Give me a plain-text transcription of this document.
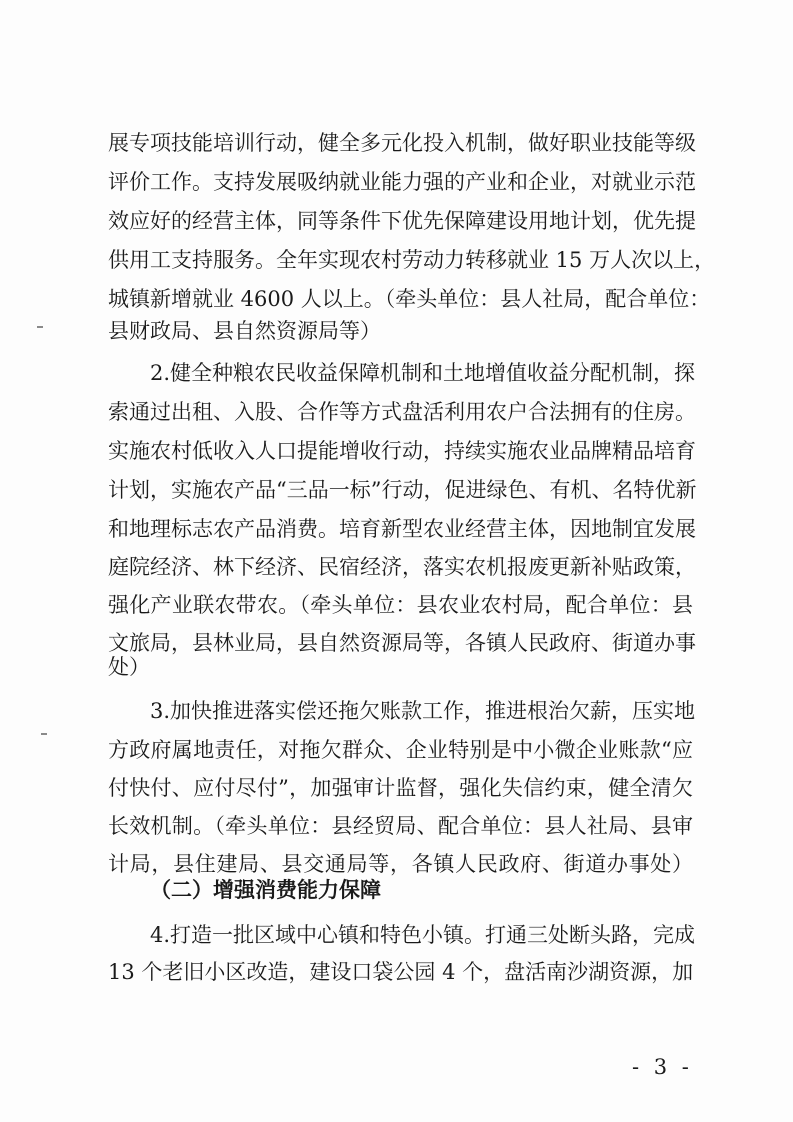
展专项技能培训行动，健全多元化投入机制，做好职业技能等级
评价工作。支持发展吸纳就业能力强的产业和企业，对就业示范
效应好的经营主体，同等条件下优先保障建设用地计划，优先提
供用工支持服务。全年实现农村劳动力转移就业 15 万人次以上，
城镇新增就业 4600 人以上。（牵头单位：县人社局，配合单位：
县财政局、县自然资源局等）
2.健全种粮农民收益保障机制和土地增值收益分配机制，探
索通过出租、入股、合作等方式盘活利用农户合法拥有的住房。
实施农村低收入人口提能增收行动，持续实施农业品牌精品培育
计划，实施农产品“三品一标”行动，促进绿色、有机、名特优新
和地理标志农产品消费。培育新型农业经营主体，因地制宜发展
庭院经济、林下经济、民宿经济，落实农机报废更新补贴政策，
强化产业联农带农。（牵头单位：县农业农村局，配合单位：县
文旅局，县林业局，县自然资源局等，各镇人民政府、街道办事
处）
3.加快推进落实偿还拖欠账款工作，推进根治欠薪，压实地
方政府属地责任，对拖欠群众、企业特别是中小微企业账款“应
付快付、应付尽付”，加强审计监督，强化失信约束，健全清欠
长效机制。（牵头单位：县经贸局、配合单位：县人社局、县审
计局，县住建局、县交通局等，各镇人民政府、街道办事处）
（二）增强消费能力保障
4.打造一批区域中心镇和特色小镇。打通三处断头路，完成
13 个老旧小区改造，建设口袋公园 4 个，盘活南沙湖资源，加
- 3 -
